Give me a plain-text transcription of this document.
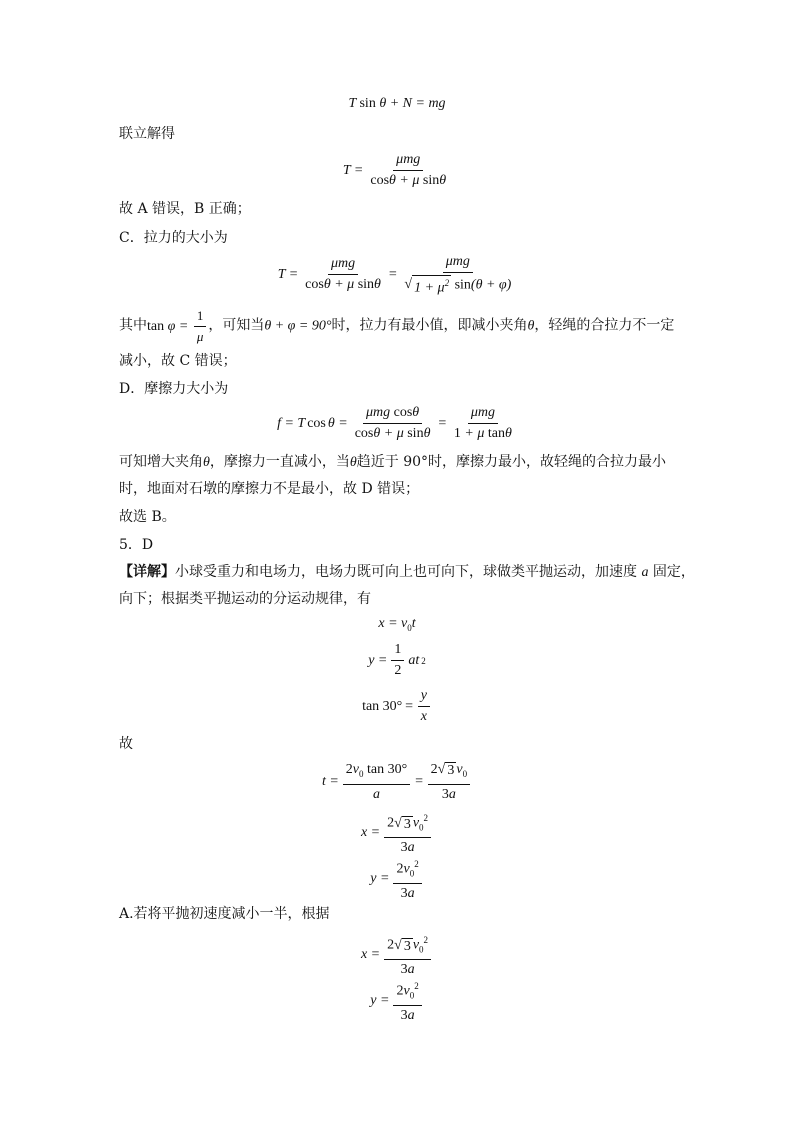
T sin θ + N = mg
联立解得
$T = \frac{\text{μmg}}{\text{cosθ + μ sinθ}}$
故 A 错误，B 正确；
C．拉力的大小为
$T = \frac{\text{μmg}}{\text{cosθ + μ sinθ}} = \frac{\text{μmg}}{√ 1 + \mu^2 \sin(\theta + \varphi)}$
其中$\tan \varphi = \frac{1}{\mu}$ ，可知当θ + φ = 90°时，拉力有最小值，即减小夹角θ，轻绳的合拉力不一定
减小，故 C 错误；
D．摩擦力大小为
f = T $\cos \theta = \frac{\text{μmg cosθ}}{\text{cosθ + μ sinθ}} = \frac{\text{μmg}}{\text{1 + μ tanθ}}$
可知增大夹角θ，摩擦力一直减小，当θ趋近于 90°时，摩擦力最小，故轻绳的合拉力最小
时，地面对石墩的摩擦力不是最小，故 D 错误；
故选 B。
5．D
【详解】小球受重力和电场力，电场力既可向上也可向下，球做类平抛运动，加速度 a 固定，
向下；根据类平抛运动的分运动规律，有
$x = v_0t$
$y = \frac{1}{2}$ at 2
$\tan 30^\circ = \frac{y}{x}$
故
$t = \frac{2v_0 \tan 30^\circ}{a} = \frac{2 √ 3 v_0}{3a}$
$x = \frac{2 √ 3 v_0^2}{3a}$
$y = \frac{2v_0^2}{3a}$
A.若将平抛初速度减小一半，根据
$x = \frac{2 √ 3 v_0^2}{3a}$
$y = \frac{2v_0^2}{3a}$
